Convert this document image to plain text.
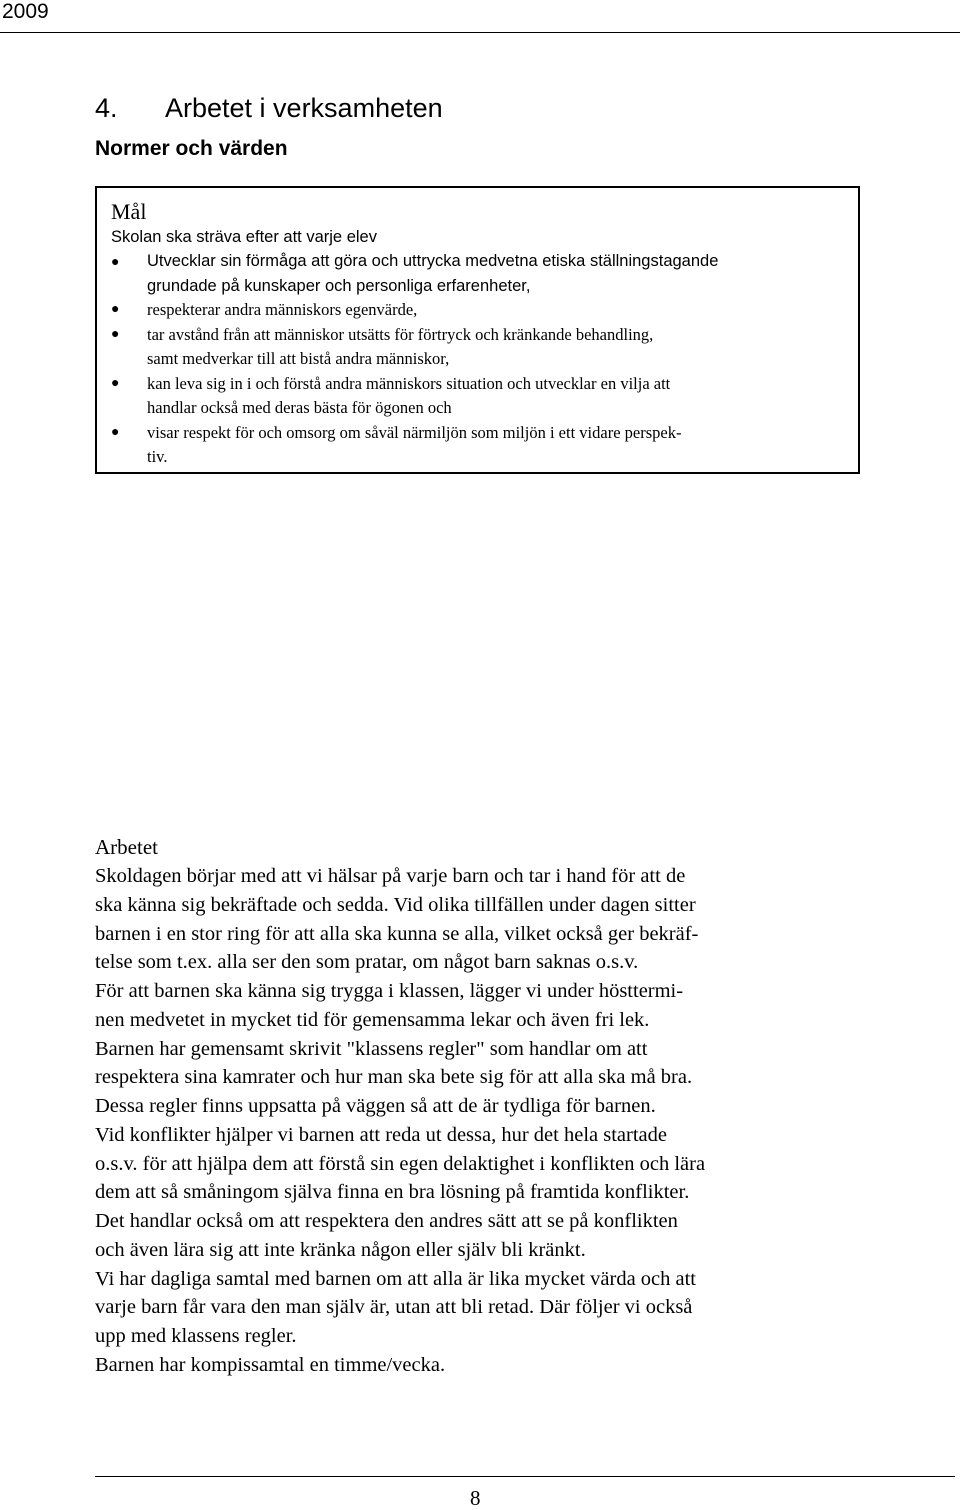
2009
4. Arbetet i verksamheten
Normer och värden
Mål
Skolan ska sträva efter att varje elev
● Utvecklar sin förmåga att göra och uttrycka medvetna etiska ställningstagande
grundade på kunskaper och personliga erfarenheter,
● respekterar andra människors egenvärde,
● tar avstånd från att människor utsätts för förtryck och kränkande behandling,
samt medverkar till att bistå andra människor,
● kan leva sig in i och förstå andra människors situation och utvecklar en vilja att
handlar också med deras bästa för ögonen och
● visar respekt för och omsorg om såväl närmiljön som miljön i ett vidare perspek-
tiv.
Arbetet

Skoldagen börjar med att vi hälsar på varje barn och tar i hand för att de

ska känna sig bekräftade och sedda. Vid olika tillfällen under dagen sitter

barnen i en stor ring för att alla ska kunna se alla, vilket också ger bekräf-

telse som t.ex. alla ser den som pratar, om något barn saknas o.s.v.

För att barnen ska känna sig trygga i klassen, lägger vi under hösttermi-

nen medvetet in mycket tid för gemensamma lekar och även fri lek.

Barnen har gemensamt skrivit "klassens regler" som handlar om att

respektera sina kamrater och hur man ska bete sig för att alla ska må bra.

Dessa regler finns uppsatta på väggen så att de är tydliga för barnen.

Vid konflikter hjälper vi barnen att reda ut dessa, hur det hela startade

o.s.v. för att hjälpa dem att förstå sin egen delaktighet i konflikten och lära

dem att så småningom själva finna en bra lösning på framtida konflikter.

Det handlar också om att respektera den andres sätt att se på konflikten

och även lära sig att inte kränka någon eller själv bli kränkt.

Vi har dagliga samtal med barnen om att alla är lika mycket värda och att

varje barn får vara den man själv är, utan att bli retad. Där följer vi också

upp med klassens regler.

Barnen har kompissamtal en timme/vecka.

8
